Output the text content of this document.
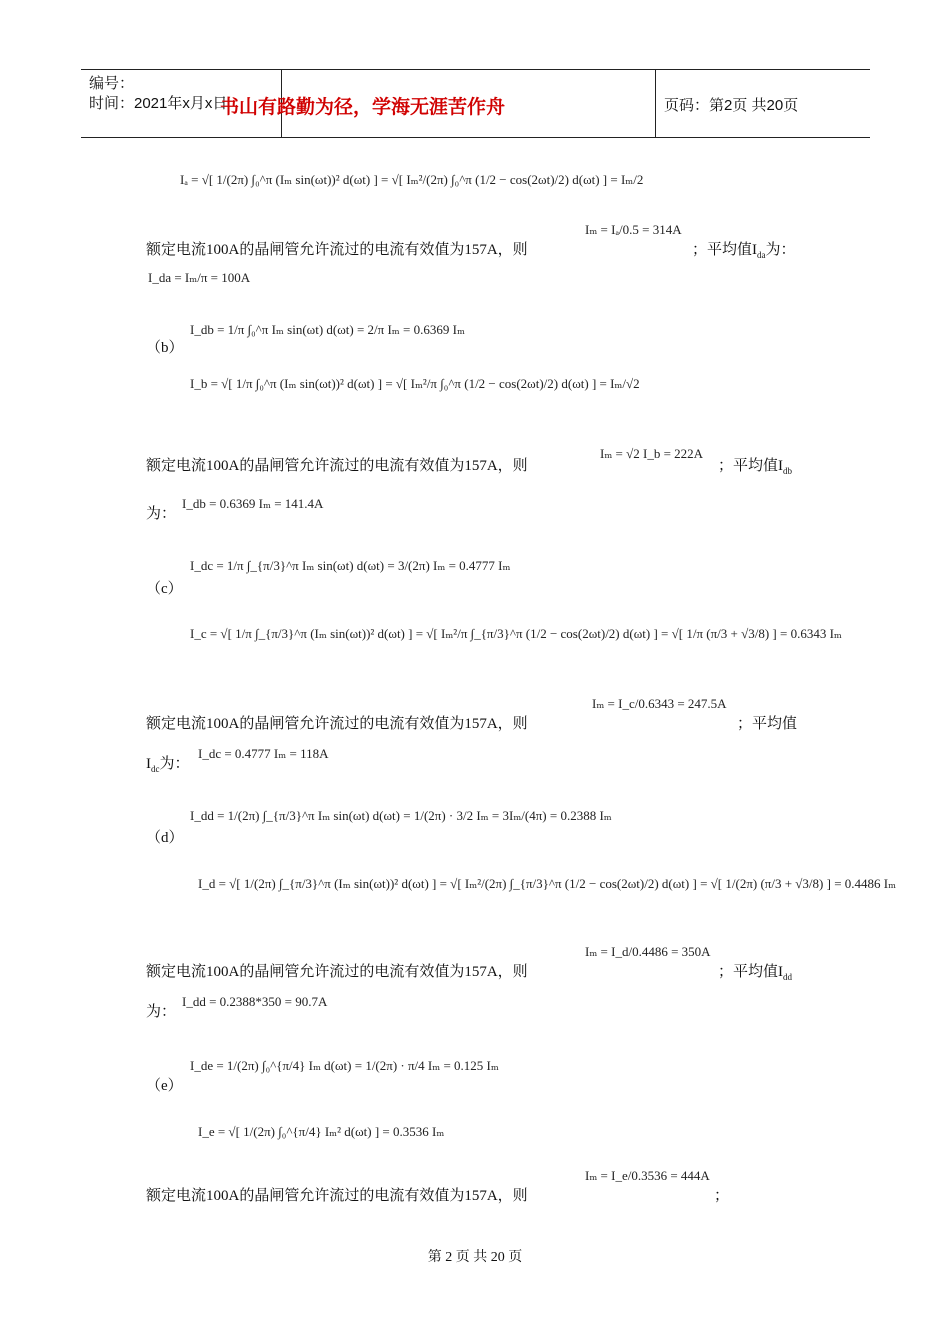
编号：
时间：2021年x月x日	页码：第2页 共20页
书山有路勤为径，学海无涯苦作舟
Iₐ = √[ 1/(2π) ∫₀^π (Iₘ sin(ωt))² d(ωt) ] = √[ Iₘ²/(2π) ∫₀^π (1/2 − cos(2ωt)/2) d(ωt) ] = Iₘ/2
额定电流100A的晶闸管允许流过的电流有效值为157A，则
Iₘ = Iₐ/0.5 = 314A
；平均值$I_{da}$为：
I_da = Iₘ/π = 100A
（b）
I_db = 1/π ∫₀^π Iₘ sin(ωt) d(ωt) = 2/π Iₘ = 0.6369 Iₘ
I_b = √[ 1/π ∫₀^π (Iₘ sin(ωt))² d(ωt) ] = √[ Iₘ²/π ∫₀^π (1/2 − cos(2ωt)/2) d(ωt) ] = Iₘ/√2
额定电流100A的晶闸管允许流过的电流有效值为157A，则
Iₘ = √2 I_b = 222A
；平均值$I_{db}$
为：
I_db = 0.6369 Iₘ = 141.4A
（c）
I_dc = 1/π ∫_{π/3}^π Iₘ sin(ωt) d(ωt) = 3/(2π) Iₘ = 0.4777 Iₘ
I_c = √[ 1/π ∫_{π/3}^π (Iₘ sin(ωt))² d(ωt) ] = √[ Iₘ²/π ∫_{π/3}^π (1/2 − cos(2ωt)/2) d(ωt) ] = √[ 1/π (π/3 + √3/8) ] = 0.6343 Iₘ
额定电流100A的晶闸管允许流过的电流有效值为157A，则
Iₘ = I_c/0.6343 = 247.5A
；平均值
$I_{dc}$为：
I_dc = 0.4777 Iₘ = 118A
（d）
I_dd = 1/(2π) ∫_{π/3}^π Iₘ sin(ωt) d(ωt) = 1/(2π) · 3/2 Iₘ = 3Iₘ/(4π) = 0.2388 Iₘ
I_d = √[ 1/(2π) ∫_{π/3}^π (Iₘ sin(ωt))² d(ωt) ] = √[ Iₘ²/(2π) ∫_{π/3}^π (1/2 − cos(2ωt)/2) d(ωt) ] = √[ 1/(2π) (π/3 + √3/8) ] = 0.4486 Iₘ
额定电流100A的晶闸管允许流过的电流有效值为157A，则
Iₘ = I_d/0.4486 = 350A
；平均值$I_{dd}$
为：
I_dd = 0.2388*350 = 90.7A
（e）
I_de = 1/(2π) ∫₀^{π/4} Iₘ d(ωt) = 1/(2π) · π/4 Iₘ = 0.125 Iₘ
I_e = √[ 1/(2π) ∫₀^{π/4} Iₘ² d(ωt) ] = 0.3536 Iₘ
额定电流100A的晶闸管允许流过的电流有效值为157A，则
Iₘ = I_e/0.3536 = 444A
；
第 2 页 共 20 页
